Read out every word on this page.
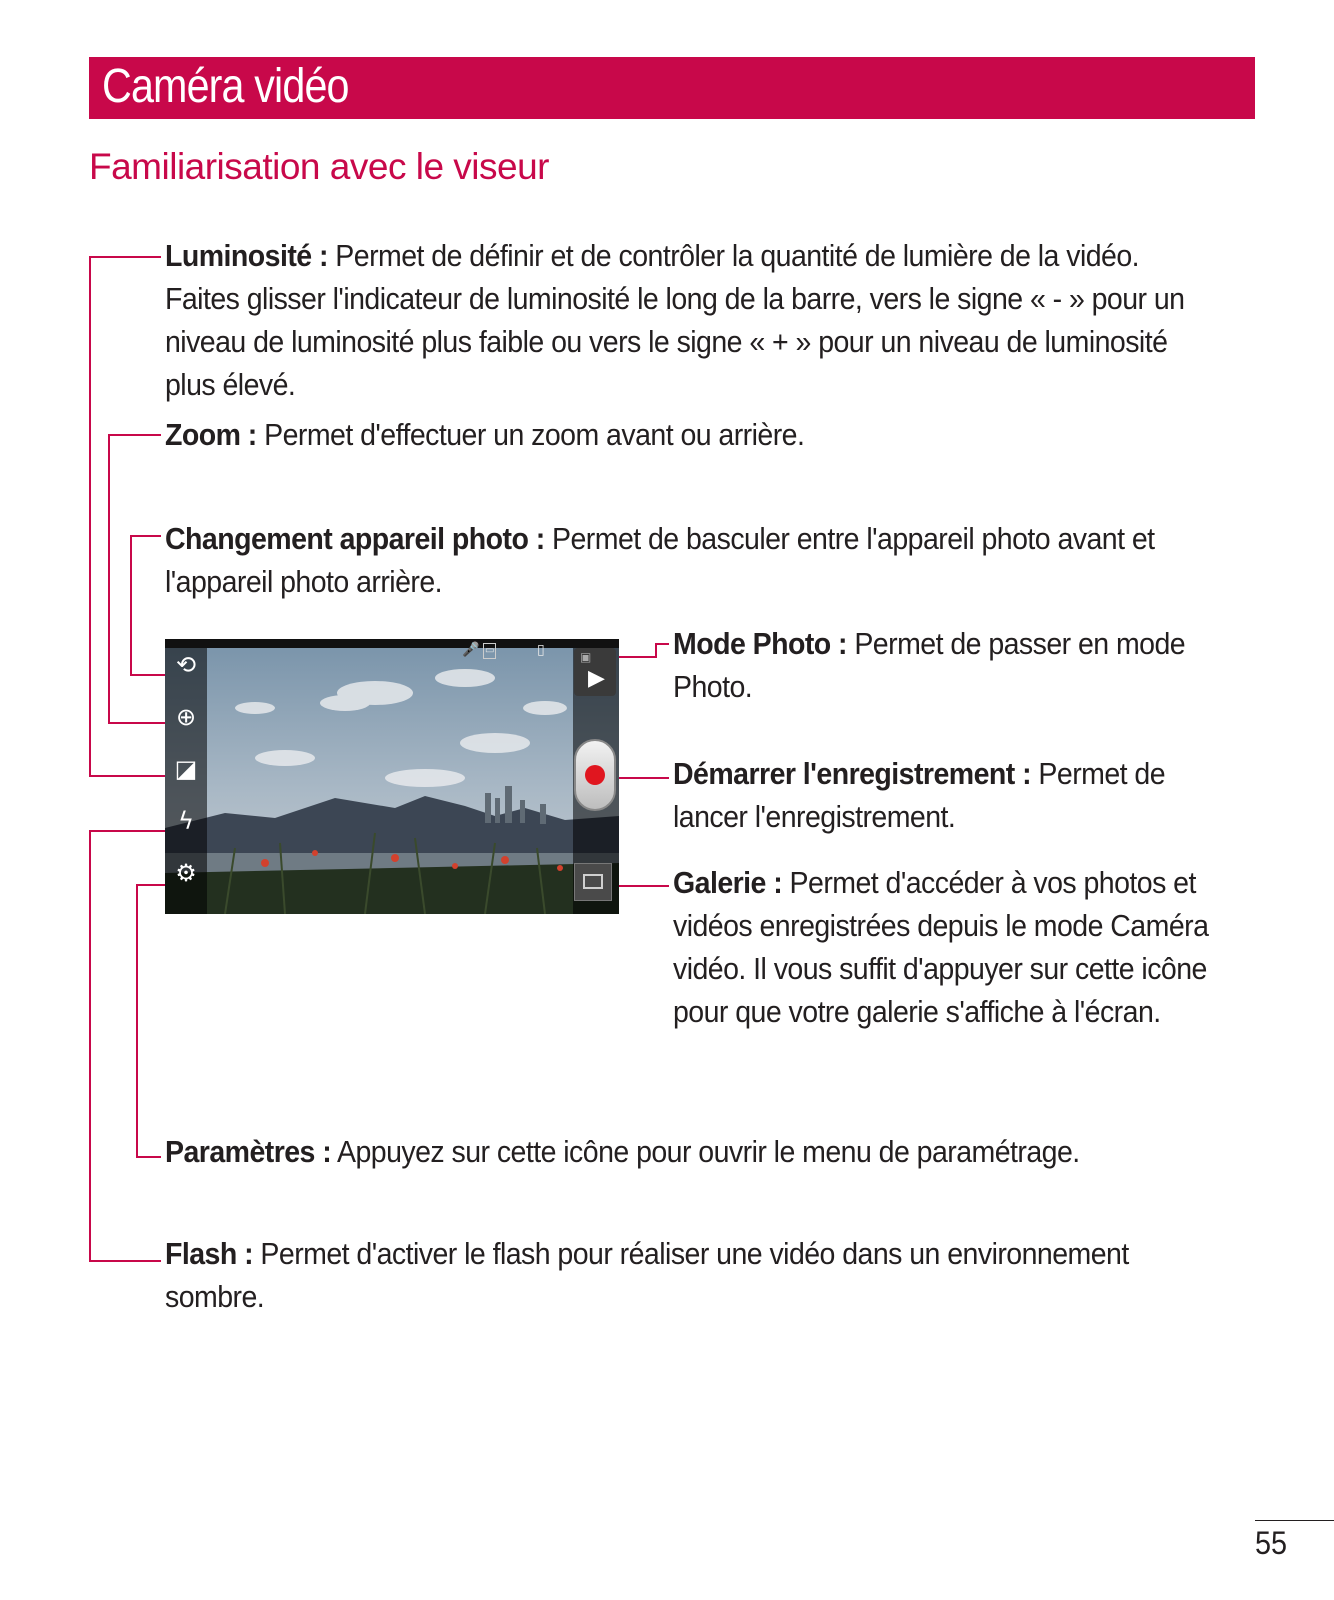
Caméra vidéo
Familiarisation avec le viseur
Luminosité : Permet de définir et de contrôler la quantité de lumière de la vidéo. Faites glisser l'indicateur de luminosité le long de la barre, vers le signe « - » pour un niveau de luminosité plus faible ou vers le signe « + » pour un niveau de luminosité plus élevé.
Zoom : Permet d'effectuer un zoom avant ou arrière.
Changement appareil photo : Permet de basculer entre l'appareil photo avant et l'appareil photo arrière.
Mode Photo : Permet de passer en mode Photo.
Démarrer l'enregistrement : Permet de lancer l'enregistrement.
Galerie : Permet d'accéder à vos photos et vidéos enregistrées depuis le mode Caméra vidéo. Il vous suffit d'appuyer sur cette icône pour que votre galerie s'affiche à l'écran.
Paramètres : Appuyez sur cette icône pour ouvrir le menu de paramétrage.
Flash : Permet d'activer le flash pour réaliser une vidéo dans un environnement sombre.
🎤 ▭	▯
⟲
⊕
◪
ϟ
⚙
▣
▶
55
